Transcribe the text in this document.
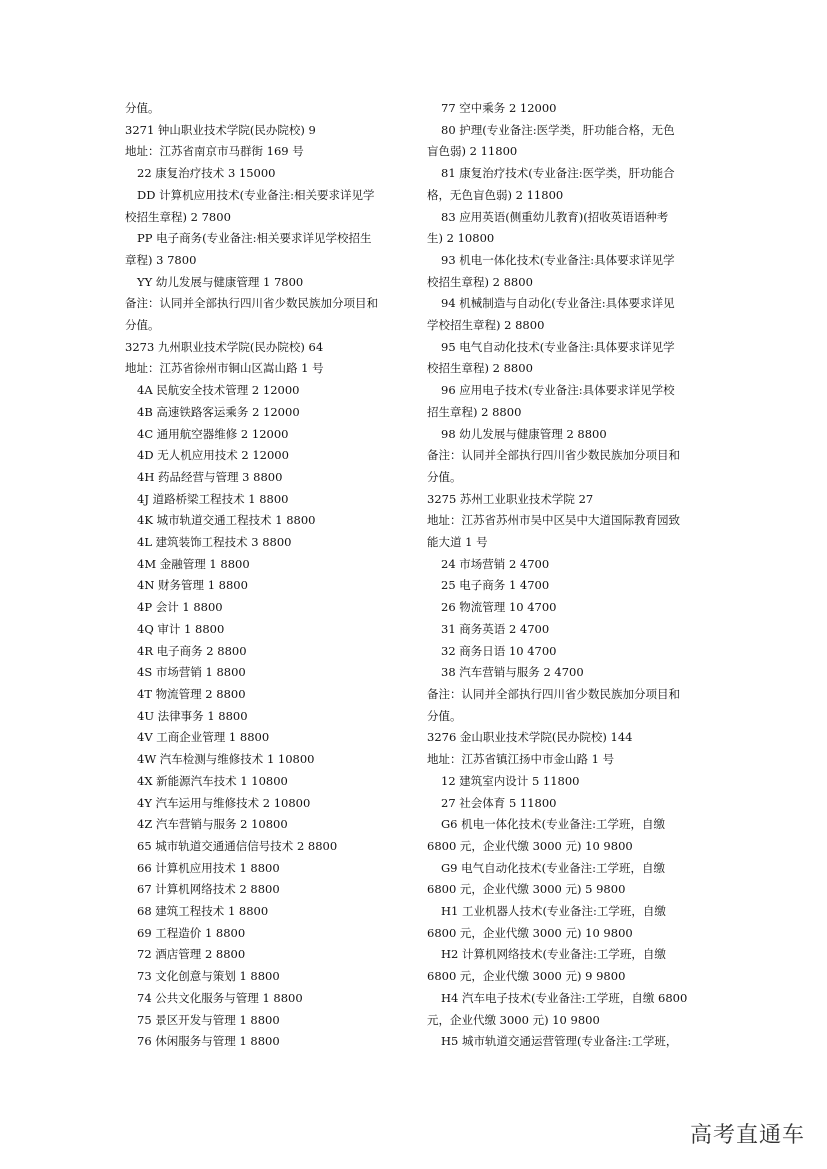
分值。
3271 钟山职业技术学院(民办院校) 9
地址：江苏省南京市马群街 169 号
22 康复治疗技术 3 15000
DD 计算机应用技术(专业备注:相关要求详见学
校招生章程) 2 7800
PP 电子商务(专业备注:相关要求详见学校招生
章程) 3 7800
YY 幼儿发展与健康管理 1 7800
备注：认同并全部执行四川省少数民族加分项目和
分值。
3273 九州职业技术学院(民办院校) 64
地址：江苏省徐州市铜山区嵩山路 1 号
4A 民航安全技术管理 2 12000
4B 高速铁路客运乘务 2 12000
4C 通用航空器维修 2 12000
4D 无人机应用技术 2 12000
4H 药品经营与管理 3 8800
4J 道路桥梁工程技术 1 8800
4K 城市轨道交通工程技术 1 8800
4L 建筑装饰工程技术 3 8800
4M 金融管理 1 8800
4N 财务管理 1 8800
4P 会计 1 8800
4Q 审计 1 8800
4R 电子商务 2 8800
4S 市场营销 1 8800
4T 物流管理 2 8800
4U 法律事务 1 8800
4V 工商企业管理 1 8800
4W 汽车检测与维修技术 1 10800
4X 新能源汽车技术 1 10800
4Y 汽车运用与维修技术 2 10800
4Z 汽车营销与服务 2 10800
65 城市轨道交通通信信号技术 2 8800
66 计算机应用技术 1 8800
67 计算机网络技术 2 8800
68 建筑工程技术 1 8800
69 工程造价 1 8800
72 酒店管理 2 8800
73 文化创意与策划 1 8800
74 公共文化服务与管理 1 8800
75 景区开发与管理 1 8800
76 休闲服务与管理 1 8800
77 空中乘务 2 12000
80 护理(专业备注:医学类，肝功能合格，无色
盲色弱) 2 11800
81 康复治疗技术(专业备注:医学类，肝功能合
格，无色盲色弱) 2 11800
83 应用英语(侧重幼儿教育)(招收英语语种考
生) 2 10800
93 机电一体化技术(专业备注:具体要求详见学
校招生章程) 2 8800
94 机械制造与自动化(专业备注:具体要求详见
学校招生章程) 2 8800
95 电气自动化技术(专业备注:具体要求详见学
校招生章程) 2 8800
96 应用电子技术(专业备注:具体要求详见学校
招生章程) 2 8800
98 幼儿发展与健康管理 2 8800
备注：认同并全部执行四川省少数民族加分项目和
分值。
3275 苏州工业职业技术学院 27
地址：江苏省苏州市吴中区吴中大道国际教育园致
能大道 1 号
24 市场营销 2 4700
25 电子商务 1 4700
26 物流管理 10 4700
31 商务英语 2 4700
32 商务日语 10 4700
38 汽车营销与服务 2 4700
备注：认同并全部执行四川省少数民族加分项目和
分值。
3276 金山职业技术学院(民办院校) 144
地址：江苏省镇江扬中市金山路 1 号
12 建筑室内设计 5 11800
27 社会体育 5 11800
G6 机电一体化技术(专业备注:工学班，自缴
6800 元，企业代缴 3000 元) 10 9800
G9 电气自动化技术(专业备注:工学班，自缴
6800 元，企业代缴 3000 元) 5 9800
H1 工业机器人技术(专业备注:工学班，自缴
6800 元，企业代缴 3000 元) 10 9800
H2 计算机网络技术(专业备注:工学班，自缴
6800 元，企业代缴 3000 元) 9 9800
H4 汽车电子技术(专业备注:工学班，自缴 6800
元，企业代缴 3000 元) 10 9800
H5 城市轨道交通运营管理(专业备注:工学班，
高考直通车
